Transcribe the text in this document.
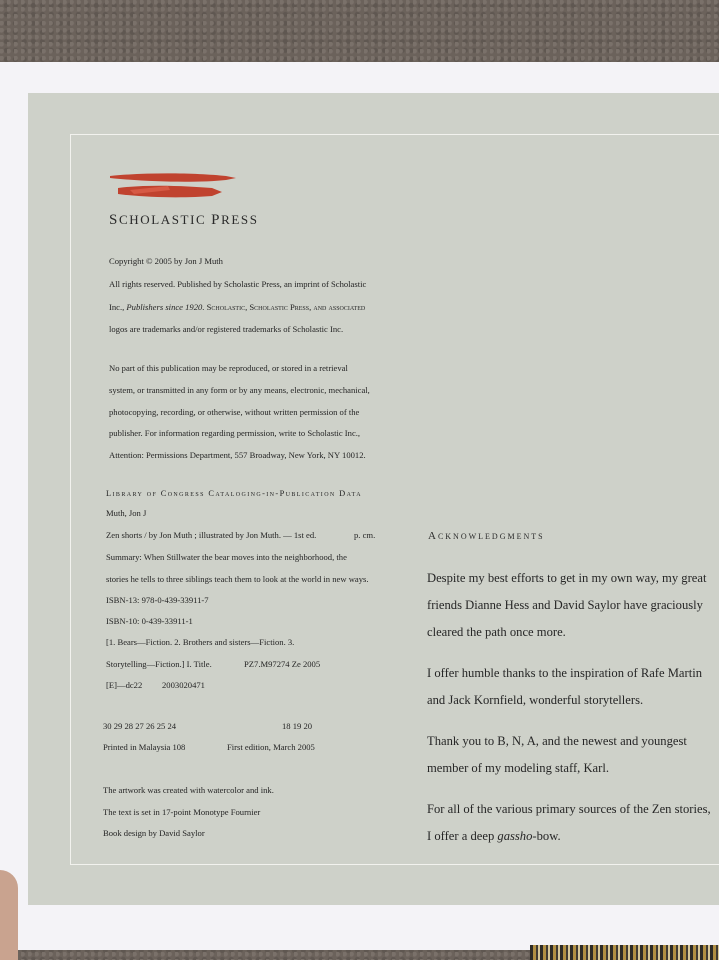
SCHOLASTIC PRESS
Copyright © 2005 by Jon J Muth
All rights reserved. Published by Scholastic Press, an imprint of Scholastic
Inc., Publishers since 1920. Scholastic, Scholastic Press, and associated
logos are trademarks and/or registered trademarks of Scholastic Inc.
No part of this publication may be reproduced, or stored in a retrieval
system, or transmitted in any form or by any means, electronic, mechanical,
photocopying, recording, or otherwise, without written permission of the
publisher. For information regarding permission, write to Scholastic Inc.,
Attention: Permissions Department, 557 Broadway, New York, NY 10012.
Library of Congress Cataloging-in-Publication Data
Muth, Jon J
Zen shorts / by Jon Muth ; illustrated by Jon Muth. — 1st ed.	p. cm.
Summary: When Stillwater the bear moves into the neighborhood, the
stories he tells to three siblings teach them to look at the world in new ways.
ISBN-13: 978-0-439-33911-7
ISBN-10: 0-439-33911-1
[1. Bears—Fiction. 2. Brothers and sisters—Fiction. 3.
Storytelling—Fiction.] I. Title.	PZ7.M97274 Ze 2005
[E]—dc22 2003020471
30 29 28 27 26 25 24	18 19 20
Printed in Malaysia 108	First edition, March 2005
The artwork was created with watercolor and ink.
The text is set in 17-point Monotype Fournier
Book design by David Saylor
Acknowledgments
Despite my best efforts to get in my own way, my great
friends Dianne Hess and David Saylor have graciously
cleared the path once more.
I offer humble thanks to the inspiration of Rafe Martin
and Jack Kornfield, wonderful storytellers.
Thank you to B, N, A, and the newest and youngest
member of my modeling staff, Karl.
For all of the various primary sources of the Zen stories,
I offer a deep gassho-bow.
